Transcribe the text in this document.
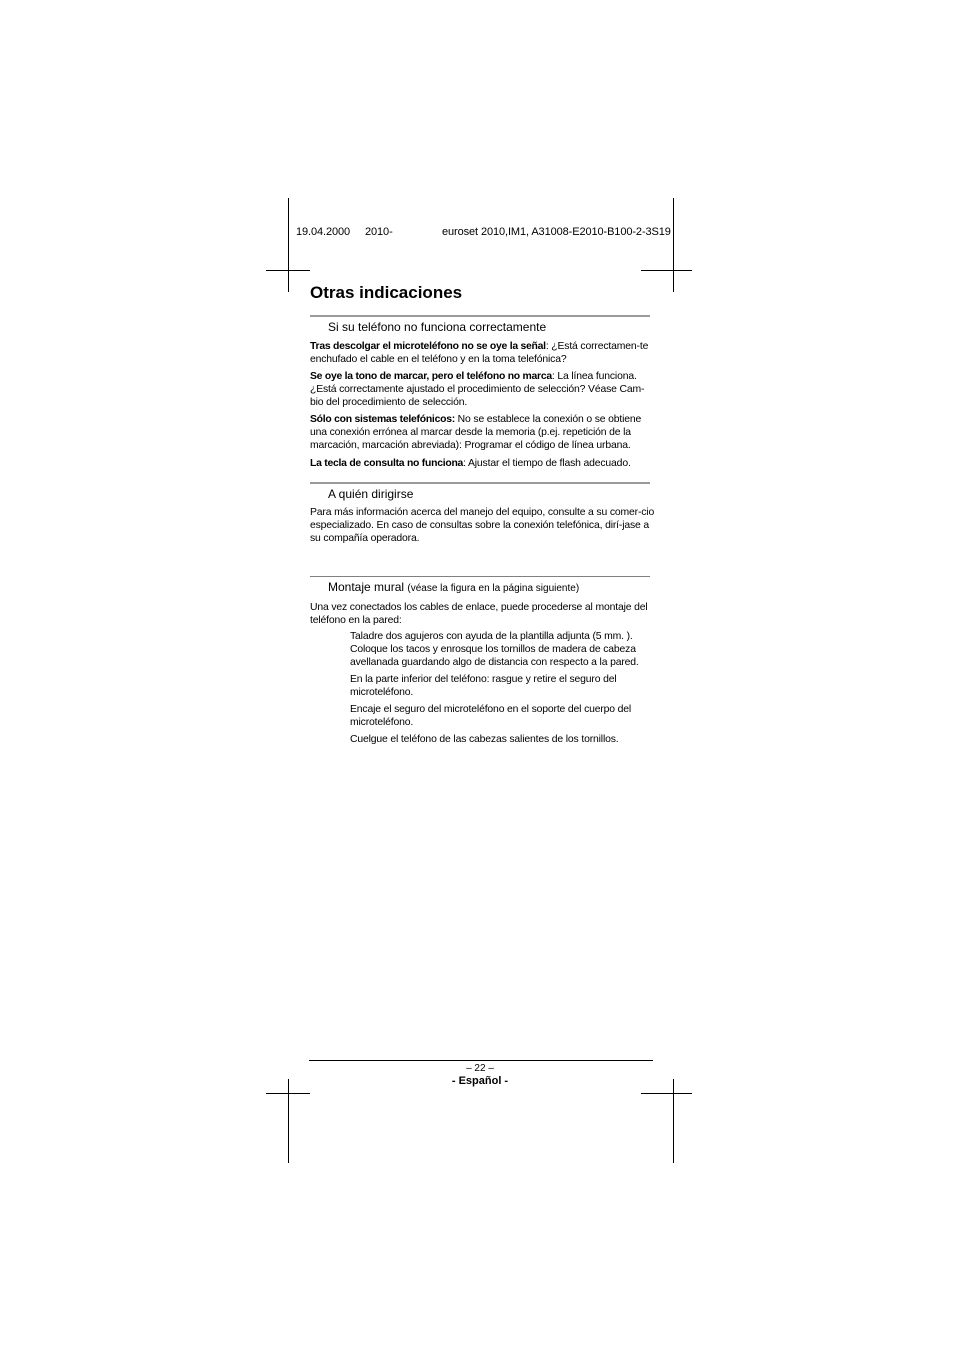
19.04.2000 2010-	euroset 2010,IM1, A31008-E2010-B100-2-3S19
Otras indicaciones
Si su teléfono no funciona correctamente

Tras descolgar el microteléfono no se oye la señal: ¿Está correctamen-te enchufado el cable en el teléfono y en la toma telefónica?

Se oye la tono de marcar, pero el teléfono no marca: La línea funciona. ¿Está correctamente ajustado el procedimiento de selección? Véase Cam-bio del procedimiento de selección.

Sólo con sistemas telefónicos: No se establece la conexión o se obtiene una conexión errónea al marcar desde la memoria (p.ej. repetición de la marcación, marcación abreviada): Programar el código de línea urbana.

La tecla de consulta no funciona: Ajustar el tiempo de flash adecuado.

A quién dirigirse

Para más información acerca del manejo del equipo, consulte a su comer-cio especializado. En caso de consultas sobre la conexión telefónica, dirí-jase a su compañía operadora.

Montaje mural (véase la figura en la página siguiente)

Una vez conectados los cables de enlace, puede procederse al montaje del teléfono en la pared:

Taladre dos agujeros con ayuda de la plantilla adjunta (5 mm. ). Coloque los tacos y enrosque los tornillos de madera de cabeza avellanada guardando algo de distancia con respecto a la pared.

En la parte inferior del teléfono: rasgue y retire el seguro del microteléfono.

Encaje el seguro del microteléfono en el soporte del cuerpo del microteléfono.

Cuelgue el teléfono de las cabezas salientes de los tornillos.

– 22 –
- Español -
